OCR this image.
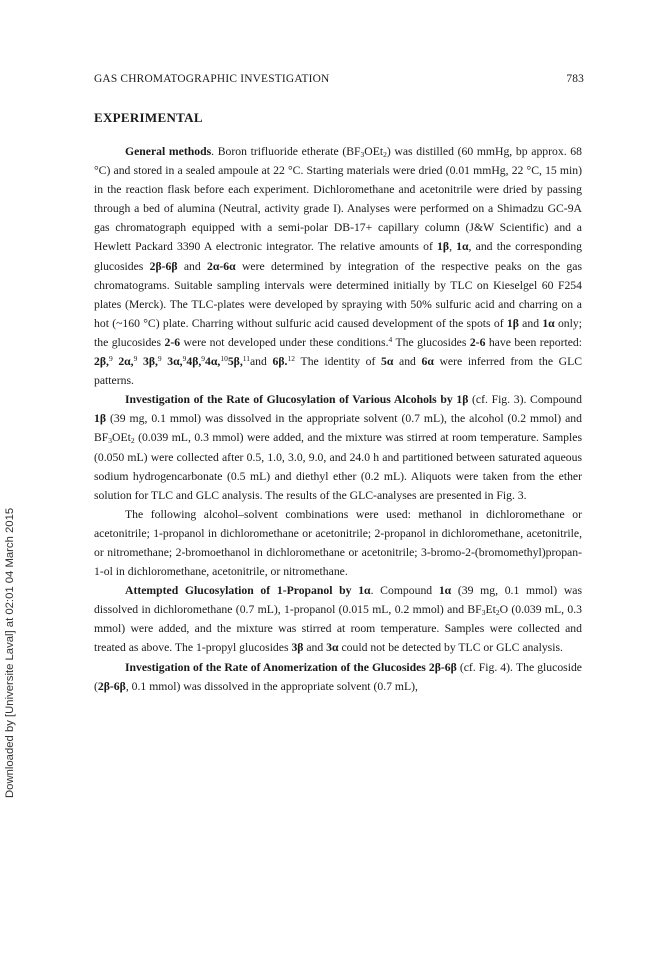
GAS CHROMATOGRAPHIC INVESTIGATION	783
Downloaded by [Universite Laval] at 02:01 04 March 2015
EXPERIMENTAL

General methods. Boron trifluoride etherate $(BF_3OEt_2)$ was distilled (60 mmHg, bp approx. 68 °C) and stored in a sealed ampoule at 22 °C. Starting materials were dried (0.01 mmHg, 22 °C, 15 min) in the reaction flask before each experiment. Dichloromethane and acetonitrile were dried by passing through a bed of alumina (Neutral, activity grade I). Analyses were performed on a Shimadzu GC-9A gas chromatograph equipped with a semi-polar DB-17+ capillary column (J&W Scientific) and a Hewlett Packard 3390 A electronic integrator. The relative amounts of 1β, 1α, and the corresponding glucosides 2β-6β and 2α-6α were determined by integration of the respective peaks on the gas chromatograms. Suitable sampling intervals were determined initially by TLC on Kieselgel 60 F254 plates (Merck). The TLC-plates were developed by spraying with 50% sulfuric acid and charring on a hot (~160 °C) plate. Charring without sulfuric acid caused development of the spots of 1β and 1α only; the glucosides 2-6 were not developed under these conditions.$^4$ The glucosides 2-6 have been reported: 2β,$^9$ 2α,$^9$ 3β,$^9$ 3α,$^9$4β,$^9$4α,$^{10}$5β,$^{11}$and 6β.$^{12}$ The identity of 5α and 6α were inferred from the GLC patterns.

Investigation of the Rate of Glucosylation of Various Alcohols by 1β (cf. Fig. 3). Compound 1β (39 mg, 0.1 mmol) was dissolved in the appropriate solvent (0.7 mL), the alcohol (0.2 mmol) and $BF_3OEt_2$ (0.039 mL, 0.3 mmol) were added, and the mixture was stirred at room temperature. Samples (0.050 mL) were collected after 0.5, 1.0, 3.0, 9.0, and 24.0 h and partitioned between saturated aqueous sodium hydrogencarbonate (0.5 mL) and diethyl ether (0.2 mL). Aliquots were taken from the ether solution for TLC and GLC analysis. The results of the GLC-analyses are presented in Fig. 3.

The following alcohol–solvent combinations were used: methanol in dichloromethane or acetonitrile; 1-propanol in dichloromethane or acetonitrile; 2-propanol in dichloromethane, acetonitrile, or nitromethane; 2-bromoethanol in dichloromethane or acetonitrile; 3-bromo-2-(bromomethyl)propan-1-ol in dichloromethane, acetonitrile, or nitromethane.

Attempted Glucosylation of 1-Propanol by 1α. Compound 1α (39 mg, 0.1 mmol) was dissolved in dichloromethane (0.7 mL), 1-propanol (0.015 mL, 0.2 mmol) and $BF_3Et_2O$ (0.039 mL, 0.3 mmol) were added, and the mixture was stirred at room temperature. Samples were collected and treated as above. The 1-propyl glucosides 3β and 3α could not be detected by TLC or GLC analysis.

Investigation of the Rate of Anomerization of the Glucosides 2β-6β (cf. Fig. 4). The glucoside (2β-6β, 0.1 mmol) was dissolved in the appropriate solvent (0.7 mL),
